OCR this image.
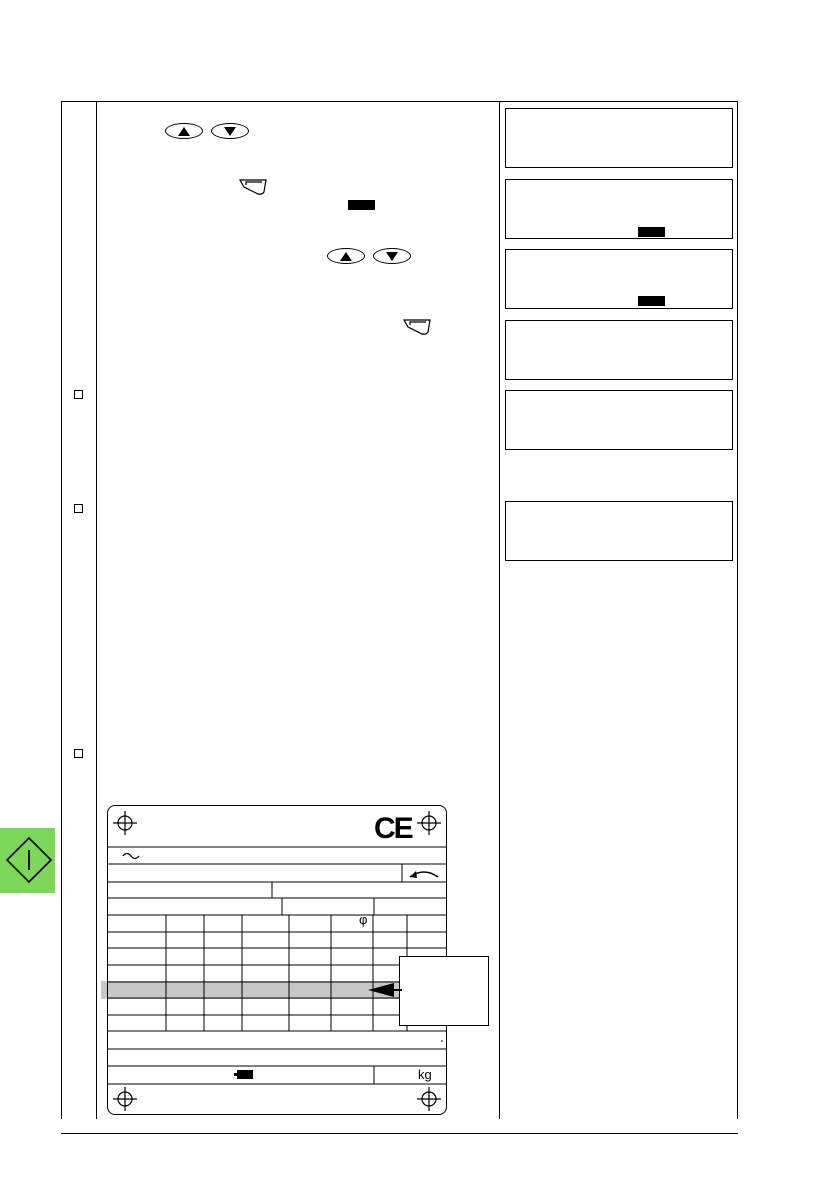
CE
φ
kg
